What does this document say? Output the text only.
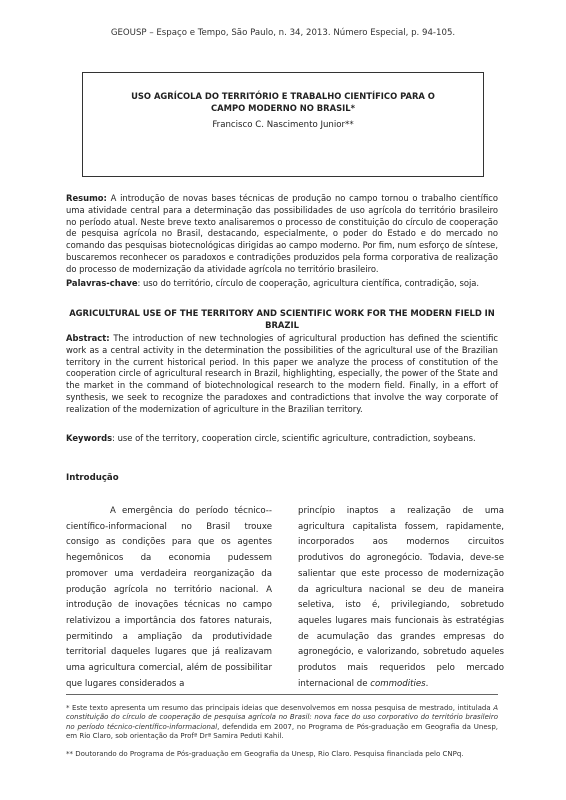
GEOUSP – Espaço e Tempo, São Paulo, n. 34, 2013. Número Especial, p. 94-105.
USO AGRÍCOLA DO TERRITÓRIO E TRABALHO CIENTÍFICO PARA O CAMPO MODERNO NO BRASIL*
Francisco C. Nascimento Junior**
Resumo: A introdução de novas bases técnicas de produção no campo tornou o trabalho científico uma atividade central para a determinação das possibilidades de uso agrícola do território brasileiro no período atual. Neste breve texto analisaremos o processo de constituição do círculo de cooperação de pesquisa agrícola no Brasil, destacando, especialmente, o poder do Estado e do mercado no comando das pesquisas biotecnológicas dirigidas ao campo moderno. Por fim, num esforço de síntese, buscaremos reconhecer os paradoxos e contradições produzidos pela forma corporativa de realização do processo de modernização da atividade agrícola no território brasileiro.
Palavras-chave: uso do território, círculo de cooperação, agricultura científica, contradição, soja.
AGRICULTURAL USE OF THE TERRITORY AND SCIENTIFIC WORK FOR THE MODERN FIELD IN BRAZIL
Abstract: The introduction of new technologies of agricultural production has defined the scientific work as a central activity in the determination the possibilities of the agricultural use of the Brazilian territory in the current historical period. In this paper we analyze the process of constitution of the cooperation circle of agricultural research in Brazil, highlighting, especially, the power of the State and the market in the command of biotechnological research to the modern field. Finally, in a effort of synthesis, we seek to recognize the paradoxes and contradictions that involve the way corporate of realization of the modernization of agriculture in the Brazilian territory.
Keywords: use of the territory, cooperation circle, scientific agriculture, contradiction, soybeans.
Introdução
A emergência do período técnico--científico-informacional no Brasil trouxe consigo as condições para que os agentes hegemônicos da economia pudessem promover uma verdadeira reorganização da produção agrícola no território nacional. A introdução de inovações técnicas no campo relativizou a importância dos fatores naturais, permitindo a ampliação da produtividade territorial daqueles lugares que já realizavam uma agricultura comercial, além de possibilitar que lugares considerados a
princípio inaptos a realização de uma agricultura capitalista fossem, rapidamente, incorporados aos modernos circuitos produtivos do agronegócio. Todavia, deve-se salientar que este processo de modernização da agricultura nacional se deu de maneira seletiva, isto é, privilegiando, sobretudo aqueles lugares mais funcionais às estratégias de acumulação das grandes empresas do agronegócio, e valorizando, sobretudo aqueles produtos mais requeridos pelo mercado internacional de commodities.
* Este texto apresenta um resumo das principais ideias que desenvolvemos em nossa pesquisa de mestrado, intitulada A constituição do círculo de cooperação de pesquisa agrícola no Brasil: nova face do uso corporativo do território brasileiro no período técnico-científico-informacional, defendida em 2007, no Programa de Pós-graduação em Geografia da Unesp, em Rio Claro, sob orientação da Profª Drª Samira Peduti Kahil.
** Doutorando do Programa de Pós-graduação em Geografia da Unesp, Rio Claro. Pesquisa financiada pelo CNPq.
